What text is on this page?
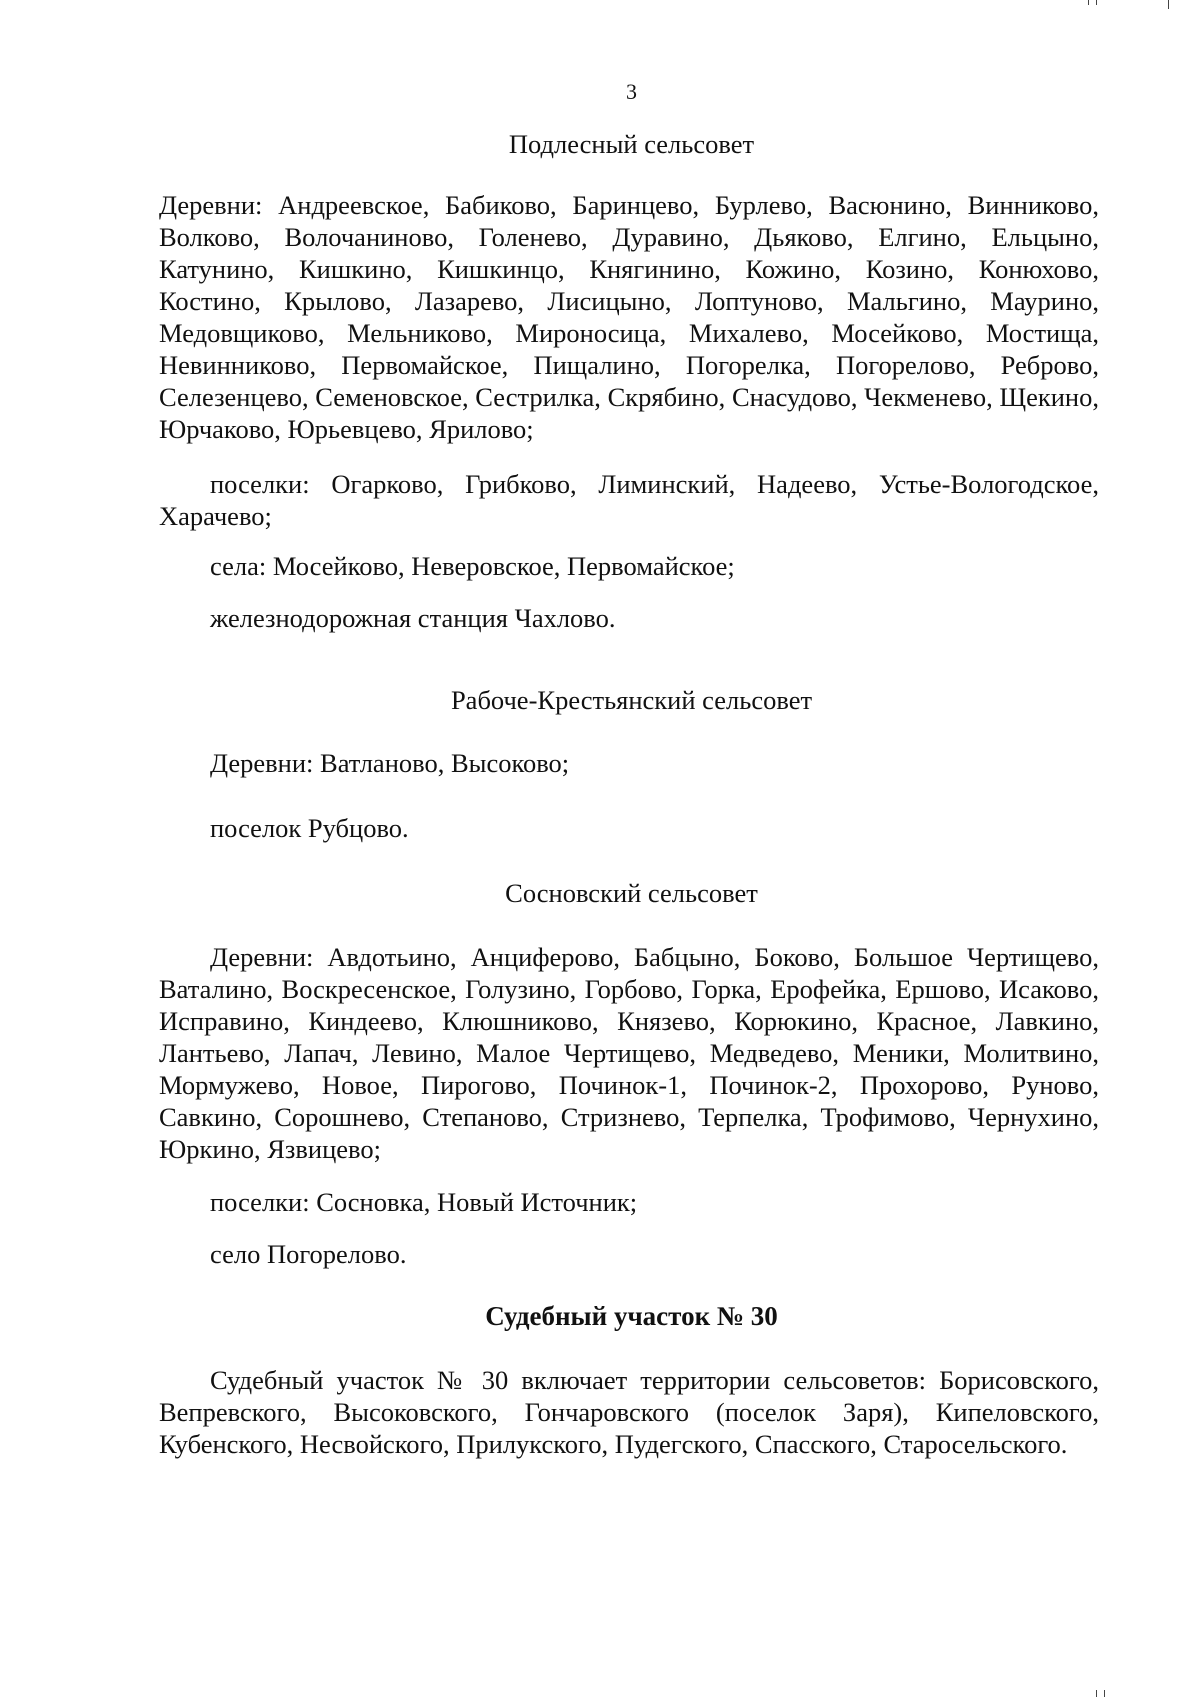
3
Подлесный сельсовет
Деревни: Андреевское, Бабиково, Баринцево, Бурлево, Васюнино, Винниково, Волково, Волочаниново, Голенево, Дуравино, Дьяково, Елгино, Ельцыно, Катунино, Кишкино, Кишкинцо, Княгинино, Кожино, Козино, Конюхово, Костино, Крылово, Лазарево, Лисицыно, Лоптуново, Мальгино, Маурино, Медовщиково, Мельниково, Мироносица, Михалево, Мосейково, Мостища, Невинниково, Первомайское, Пищалино, Погорелка, Погорелово, Реброво, Селезенцево, Семеновское, Сестрилка, Скрябино, Снасудово, Чекменево, Щекино, Юрчаково, Юрьевцево, Ярилово;
поселки: Огарково, Грибково, Лиминский, Надеево, Устье-Вологодское, Харачево;
села: Мосейково, Неверовское, Первомайское;
железнодорожная станция Чахлово.
Рабоче-Крестьянский сельсовет
Деревни: Ватланово, Высоково;
поселок Рубцово.
Сосновский сельсовет
Деревни: Авдотьино, Анциферово, Бабцыно, Боково, Большое Чертищево, Ваталино, Воскресенское, Голузино, Горбово, Горка, Ерофейка, Ершово, Исаково, Исправино, Киндеево, Клюшниково, Князево, Корюкино, Красное, Лавкино, Лантьево, Лапач, Левино, Малое Чертищево, Медведево, Меники, Молитвино, Мормужево, Новое, Пирогово, Починок-1, Починок-2, Прохорово, Руново, Савкино, Сорошнево, Степаново, Стризнево, Терпелка, Трофимово, Чернухино, Юркино, Язвицево;
поселки: Сосновка, Новый Источник;
село Погорелово.
Судебный участок № 30
Судебный участок № 30 включает территории сельсоветов: Борисовского, Вепревского, Высоковского, Гончаровского (поселок Заря), Кипеловского, Кубенского, Несвойского, Прилукского, Пудегского, Спасского, Старосельского.
